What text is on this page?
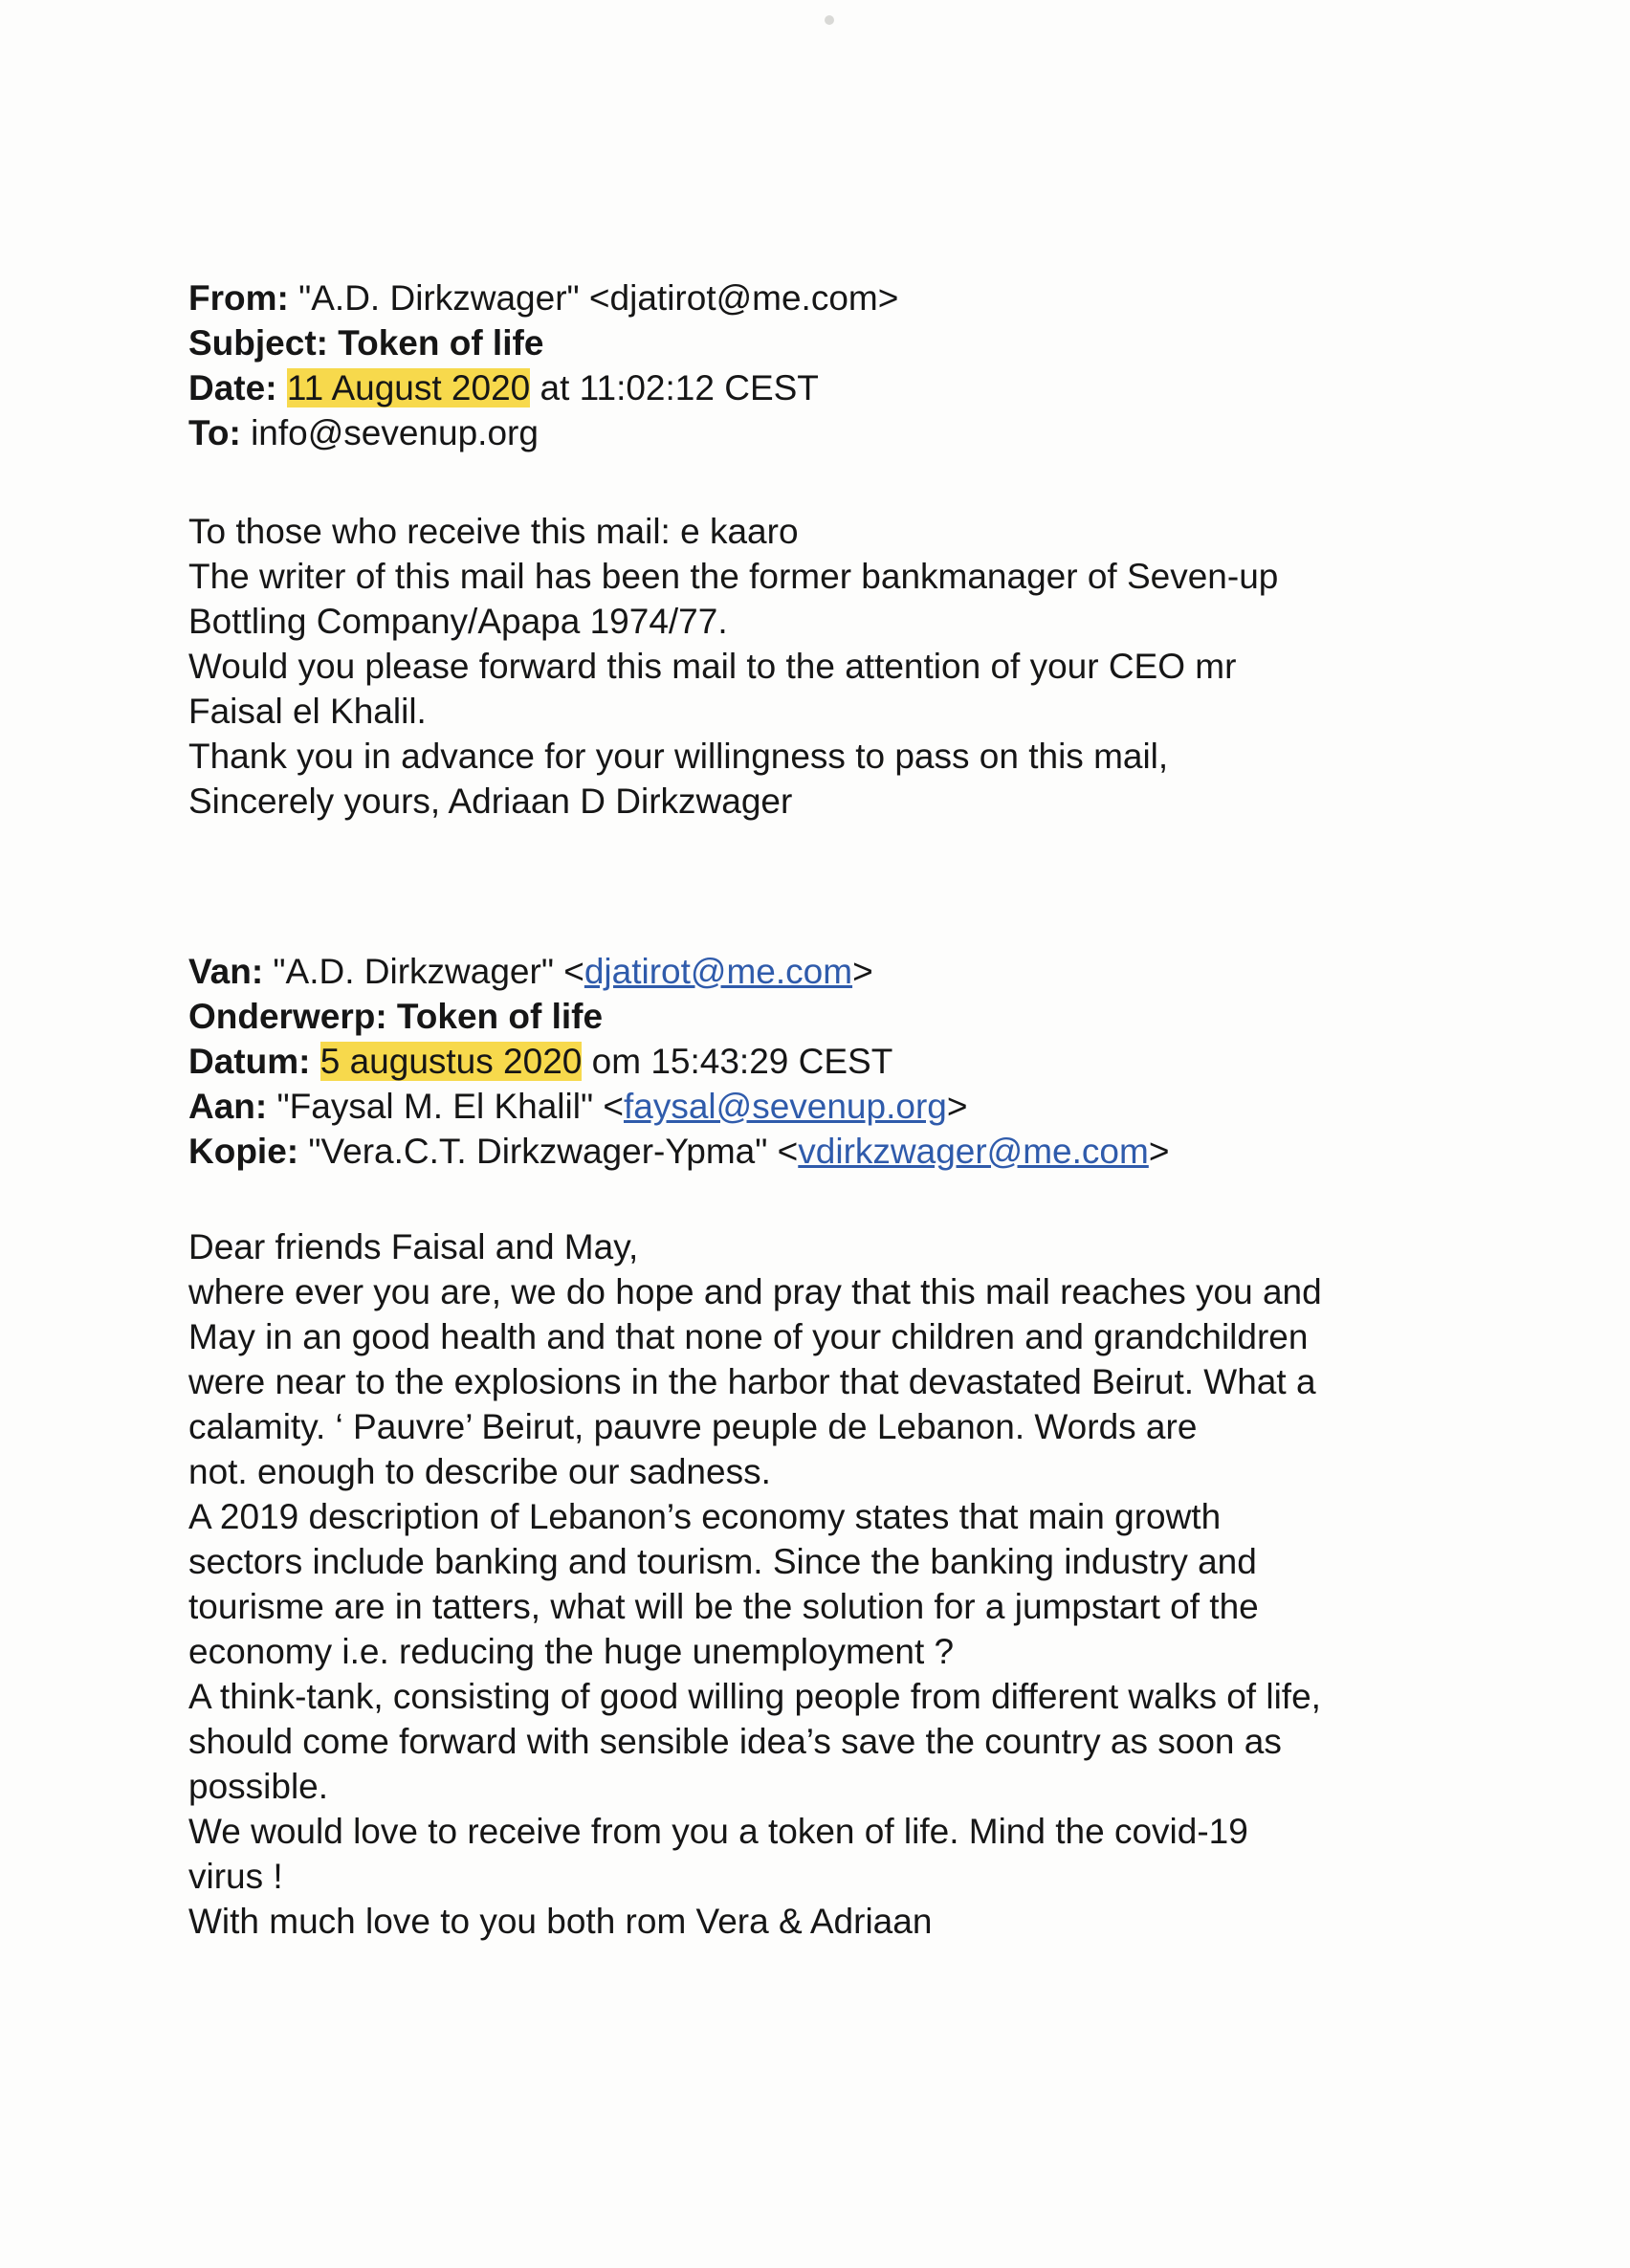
From: "A.D. Dirkzwager" <djatirot@me.com>
Subject: Token of life
Date: 11 August 2020 at 11:02:12 CEST
To: info@sevenup.org
To those who receive this mail: e kaaro
The writer of this mail has been the former bankmanager of Seven-up
Bottling Company/Apapa 1974/77.
Would you please forward this mail to the attention of your CEO mr
Faisal el Khalil.
Thank you in advance for your willingness to pass on this mail,
Sincerely yours, Adriaan D Dirkzwager
Van: "A.D. Dirkzwager" <djatirot@me.com>
Onderwerp: Token of life
Datum: 5 augustus 2020 om 15:43:29 CEST
Aan: "Faysal M. El Khalil" <faysal@sevenup.org>
Kopie: "Vera.C.T. Dirkzwager-Ypma" <vdirkzwager@me.com>
Dear friends Faisal and May,
where ever you are, we do hope and pray that this mail reaches you and
May in an good health and that none of your children and grandchildren
were near to the explosions in the harbor that devastated Beirut. What a
calamity. ‘ Pauvre’ Beirut, pauvre peuple de Lebanon. Words are
not. enough to describe our sadness.
A 2019 description of Lebanon’s economy states that main growth
sectors include banking and tourism. Since the banking industry and
tourisme are in tatters, what will be the solution for a jumpstart of the
economy i.e. reducing the huge unemployment ?
A think-tank, consisting of good willing people from different walks of life,
should come forward with sensible idea’s save the country as soon as
possible.
We would love to receive from you a token of life. Mind the covid-19
virus !
With much love to you both rom Vera & Adriaan
